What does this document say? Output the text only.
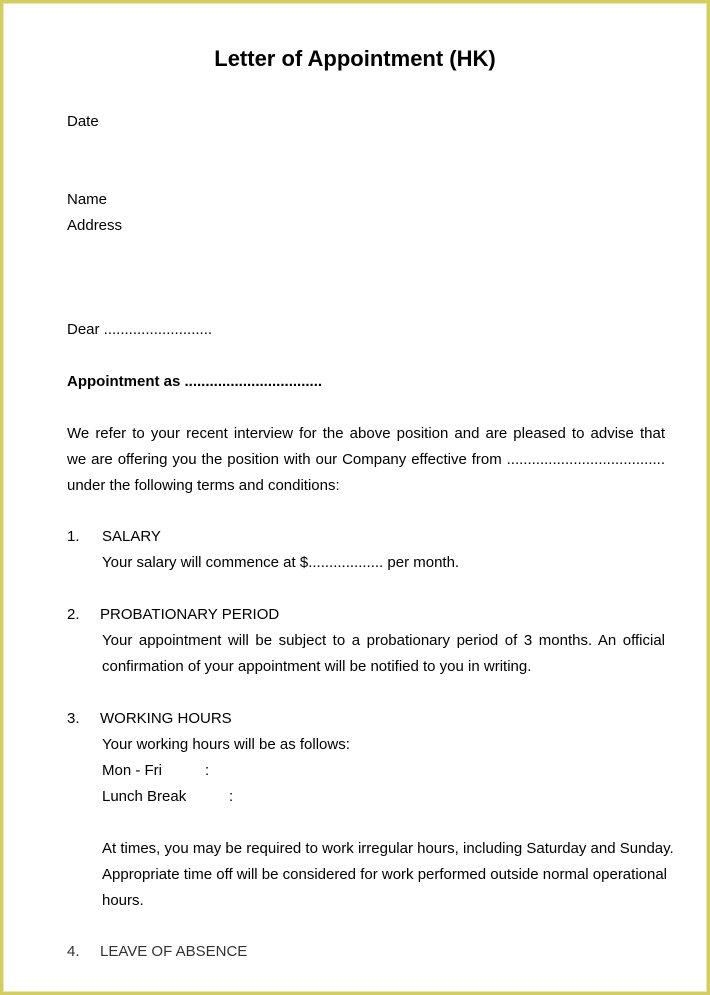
Letter of Appointment (HK)

Date

Name

Address

Dear ..........................

Appointment as .................................

We refer to your recent interview for the above position and are pleased to advise that
we are offering you the position with our Company effective from ......................................

under the following terms and conditions:

1. SALARY

Your salary will commence at $.................. per month.

2. PROBATIONARY PERIOD

Your appointment will be subject to a probationary period of 3 months. An official

confirmation of your appointment will be notified to you in writing.

3. WORKING HOURS

Your working hours will be as follows:

Mon - Fri	:

Lunch Break	:

At times, you may be required to work irregular hours, including Saturday and Sunday.
Appropriate time off will be considered for work performed outside normal operational

hours.

4. LEAVE OF ABSENCE
